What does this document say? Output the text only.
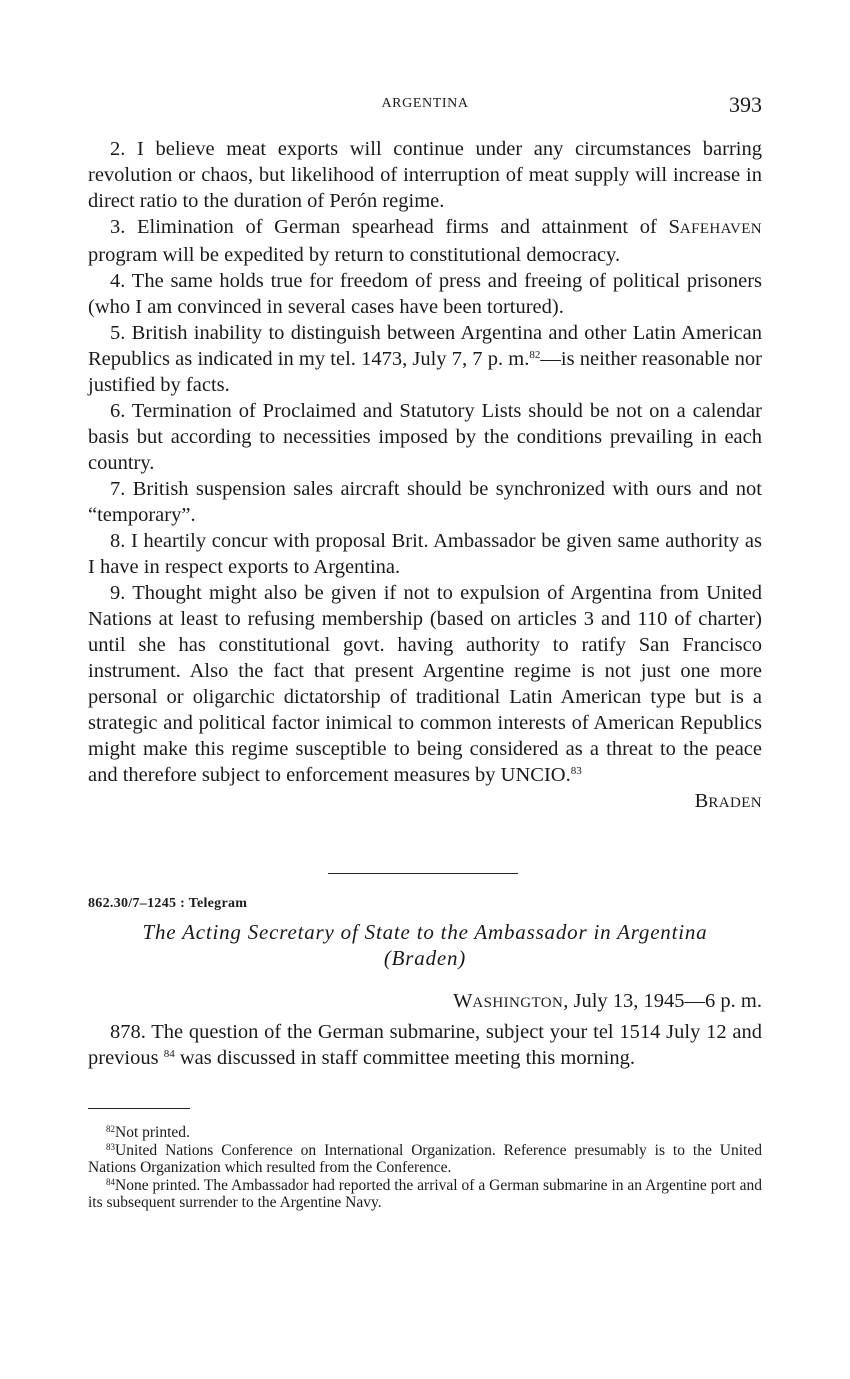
ARGENTINA	393

2. I believe meat exports will continue under any circumstances barring revolution or chaos, but likelihood of interruption of meat supply will increase in direct ratio to the duration of Perón regime.

3. Elimination of German spearhead firms and attainment of SAFEHAVEN program will be expedited by return to constitutional democracy.

4. The same holds true for freedom of press and freeing of political prisoners (who I am convinced in several cases have been tortured).

5. British inability to distinguish between Argentina and other Latin American Republics as indicated in my tel. 1473, July 7, 7 p. m.$^{82}$—is neither reasonable nor justified by facts.

6. Termination of Proclaimed and Statutory Lists should be not on a calendar basis but according to necessities imposed by the conditions prevailing in each country.

7. British suspension sales aircraft should be synchronized with ours and not “temporary”.

8. I heartily concur with proposal Brit. Ambassador be given same authority as I have in respect exports to Argentina.

9. Thought might also be given if not to expulsion of Argentina from United Nations at least to refusing membership (based on articles 3 and 110 of charter) until she has constitutional govt. having authority to ratify San Francisco instrument. Also the fact that present Argentine regime is not just one more personal or oligarchic dictatorship of traditional Latin American type but is a strategic and political factor inimical to common interests of American Republics might make this regime susceptible to being considered as a threat to the peace and therefore subject to enforcement measures by UNCIO.$^{83}$

BRADEN

862.30/7–1245 : Telegram
The Acting Secretary of State to the Ambassador in Argentina
(Braden)
WASHINGTON, July 13, 1945—6 p. m.

878. The question of the German submarine, subject your tel 1514 July 12 and previous $^{84}$ was discussed in staff committee meeting this morning.

$^{82}$Not printed.

$^{83}$United Nations Conference on International Organization. Reference presumably is to the United Nations Organization which resulted from the Conference.

$^{84}$None printed. The Ambassador had reported the arrival of a German submarine in an Argentine port and its subsequent surrender to the Argentine Navy.
